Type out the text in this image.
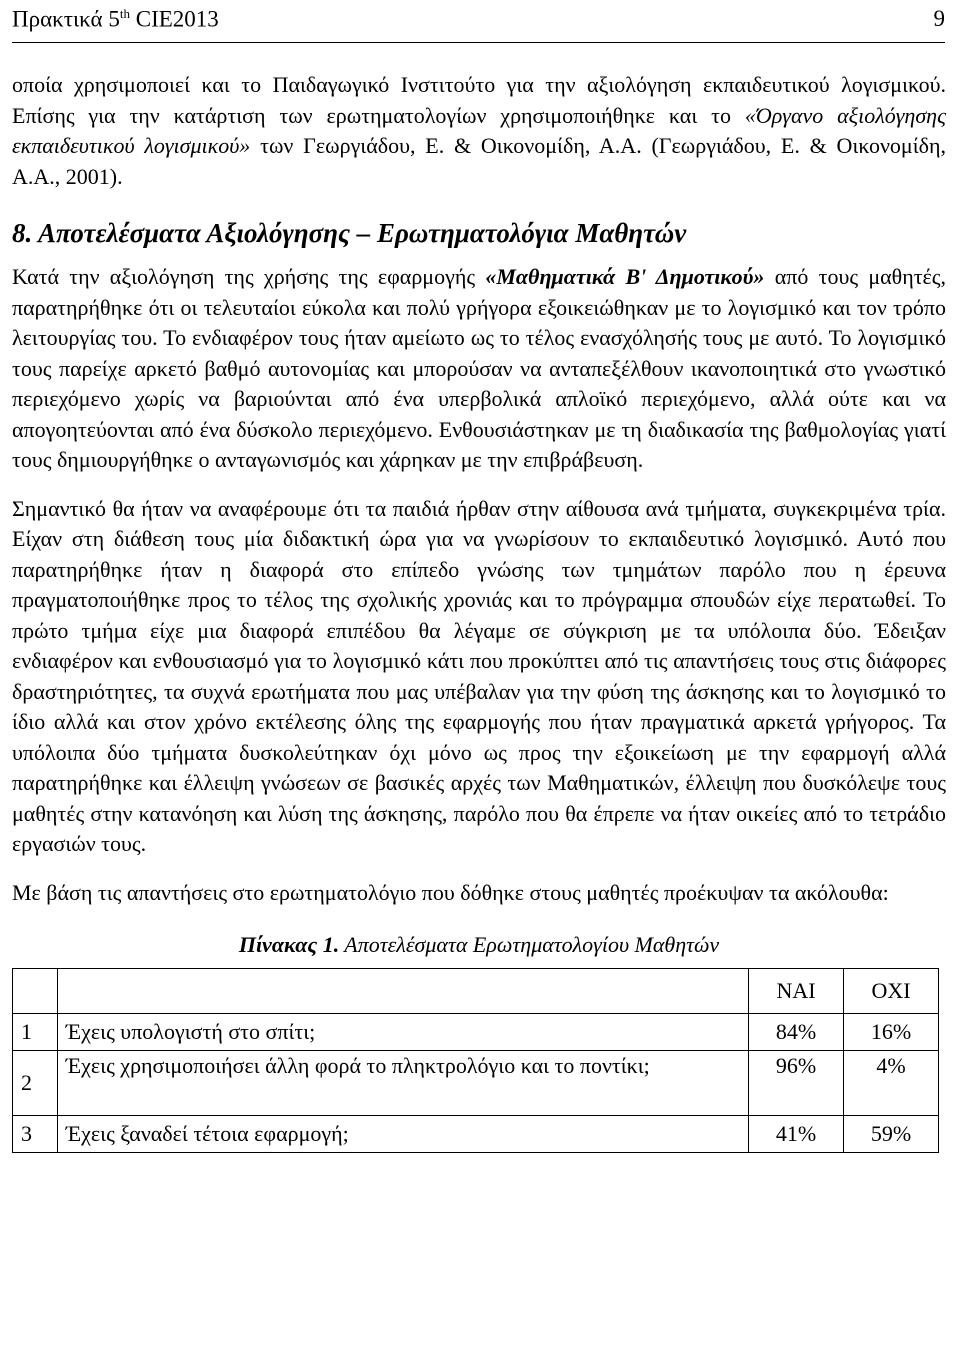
Πρακτικά 5th CIE2013	9

οποία χρησιμοποιεί και το Παιδαγωγικό Ινστιτούτο για την αξιολόγηση εκπαιδευτικού λογισμικού. Επίσης για την κατάρτιση των ερωτηματολογίων χρησιμοποιήθηκε και το «Όργανο αξιολόγησης εκπαιδευτικού λογισμικού» των Γεωργιάδου, Ε. & Οικονομίδη, Α.Α. (Γεωργιάδου, Ε. & Οικονομίδη, Α.Α., 2001).

8. Αποτελέσματα Αξιολόγησης – Ερωτηματολόγια Μαθητών

Κατά την αξιολόγηση της χρήσης της εφαρμογής «Μαθηματικά Β' Δημοτικού» από τους μαθητές, παρατηρήθηκε ότι οι τελευταίοι εύκολα και πολύ γρήγορα εξοικειώθηκαν με το λογισμικό και τον τρόπο λειτουργίας του. Το ενδιαφέρον τους ήταν αμείωτο ως το τέλος ενασχόλησής τους με αυτό. Το λογισμικό τους παρείχε αρκετό βαθμό αυτονομίας και μπορούσαν να ανταπεξέλθουν ικανοποιητικά στο γνωστικό περιεχόμενο χωρίς να βαριούνται από ένα υπερβολικά απλοϊκό περιεχόμενο, αλλά ούτε και να απογοητεύονται από ένα δύσκολο περιεχόμενο. Ενθουσιάστηκαν με τη διαδικασία της βαθμολογίας γιατί τους δημιουργήθηκε ο ανταγωνισμός και χάρηκαν με την επιβράβευση.

Σημαντικό θα ήταν να αναφέρουμε ότι τα παιδιά ήρθαν στην αίθουσα ανά τμήματα, συγκεκριμένα τρία. Είχαν στη διάθεση τους μία διδακτική ώρα για να γνωρίσουν το εκπαιδευτικό λογισμικό. Αυτό που παρατηρήθηκε ήταν η διαφορά στο επίπεδο γνώσης των τμημάτων παρόλο που η έρευνα πραγματοποιήθηκε προς το τέλος της σχολικής χρονιάς και το πρόγραμμα σπουδών είχε περατωθεί. Το πρώτο τμήμα είχε μια διαφορά επιπέδου θα λέγαμε σε σύγκριση με τα υπόλοιπα δύο. Έδειξαν ενδιαφέρον και ενθουσιασμό για το λογισμικό κάτι που προκύπτει από τις απαντήσεις τους στις διάφορες δραστηριότητες, τα συχνά ερωτήματα που μας υπέβαλαν για την φύση της άσκησης και το λογισμικό το ίδιο αλλά και στον χρόνο εκτέλεσης όλης της εφαρμογής που ήταν πραγματικά αρκετά γρήγορος. Τα υπόλοιπα δύο τμήματα δυσκολεύτηκαν όχι μόνο ως προς την εξοικείωση με την εφαρμογή αλλά παρατηρήθηκε και έλλειψη γνώσεων σε βασικές αρχές των Μαθηματικών, έλλειψη που δυσκόλεψε τους μαθητές στην κατανόηση και λύση της άσκησης, παρόλο που θα έπρεπε να ήταν οικείες από το τετράδιο εργασιών τους.

Με βάση τις απαντήσεις στο ερωτηματολόγιο που δόθηκε στους μαθητές προέκυψαν τα ακόλουθα:

Πίνακας 1. Αποτελέσματα Ερωτηματολογίου Μαθητών
		ΝΑΙ	ΟΧΙ
1	Έχεις υπολογιστή στο σπίτι;	84%	16%
2	Έχεις χρησιμοποιήσει άλλη φορά το πληκτρολόγιο και το ποντίκι;	96%	4%
3	Έχεις ξαναδεί τέτοια εφαρμογή;	41%	59%
